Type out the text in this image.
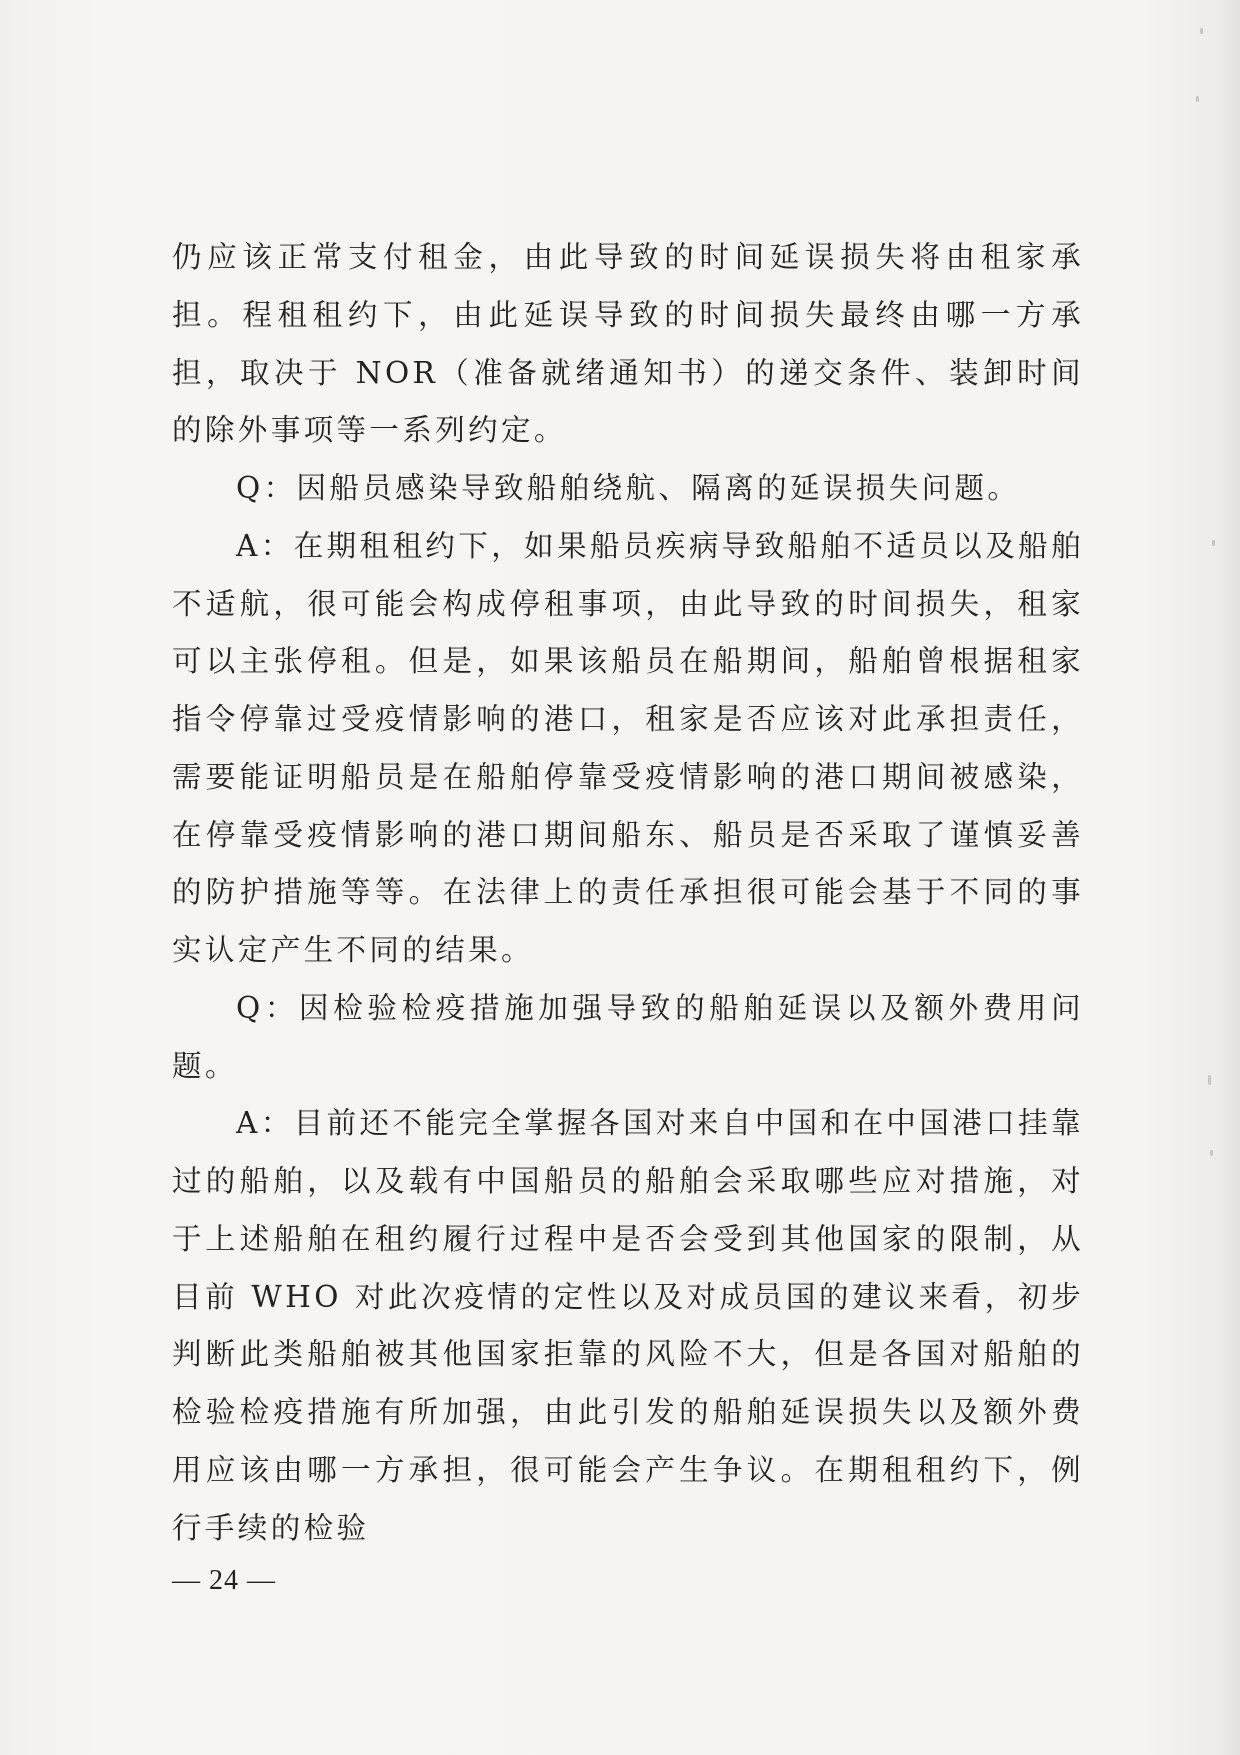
仍应该正常支付租金，由此导致的时间延误损失将由租家承担。程租租约下，由此延误导致的时间损失最终由哪一方承担，取决于 NOR（准备就绪通知书）的递交条件、装卸时间的除外事项等一系列约定。

Q：因船员感染导致船舶绕航、隔离的延误损失问题。

A：在期租租约下，如果船员疾病导致船舶不适员以及船舶不适航，很可能会构成停租事项，由此导致的时间损失，租家可以主张停租。但是，如果该船员在船期间，船舶曾根据租家指令停靠过受疫情影响的港口，租家是否应该对此承担责任，需要能证明船员是在船舶停靠受疫情影响的港口期间被感染，在停靠受疫情影响的港口期间船东、船员是否采取了谨慎妥善的防护措施等等。在法律上的责任承担很可能会基于不同的事实认定产生不同的结果。

Q：因检验检疫措施加强导致的船舶延误以及额外费用问题。

A：目前还不能完全掌握各国对来自中国和在中国港口挂靠过的船舶，以及载有中国船员的船舶会采取哪些应对措施，对于上述船舶在租约履行过程中是否会受到其他国家的限制，从目前 WHO 对此次疫情的定性以及对成员国的建议来看，初步判断此类船舶被其他国家拒靠的风险不大，但是各国对船舶的检验检疫措施有所加强，由此引发的船舶延误损失以及额外费用应该由哪一方承担，很可能会产生争议。在期租租约下，例行手续的检验

— 24 —
